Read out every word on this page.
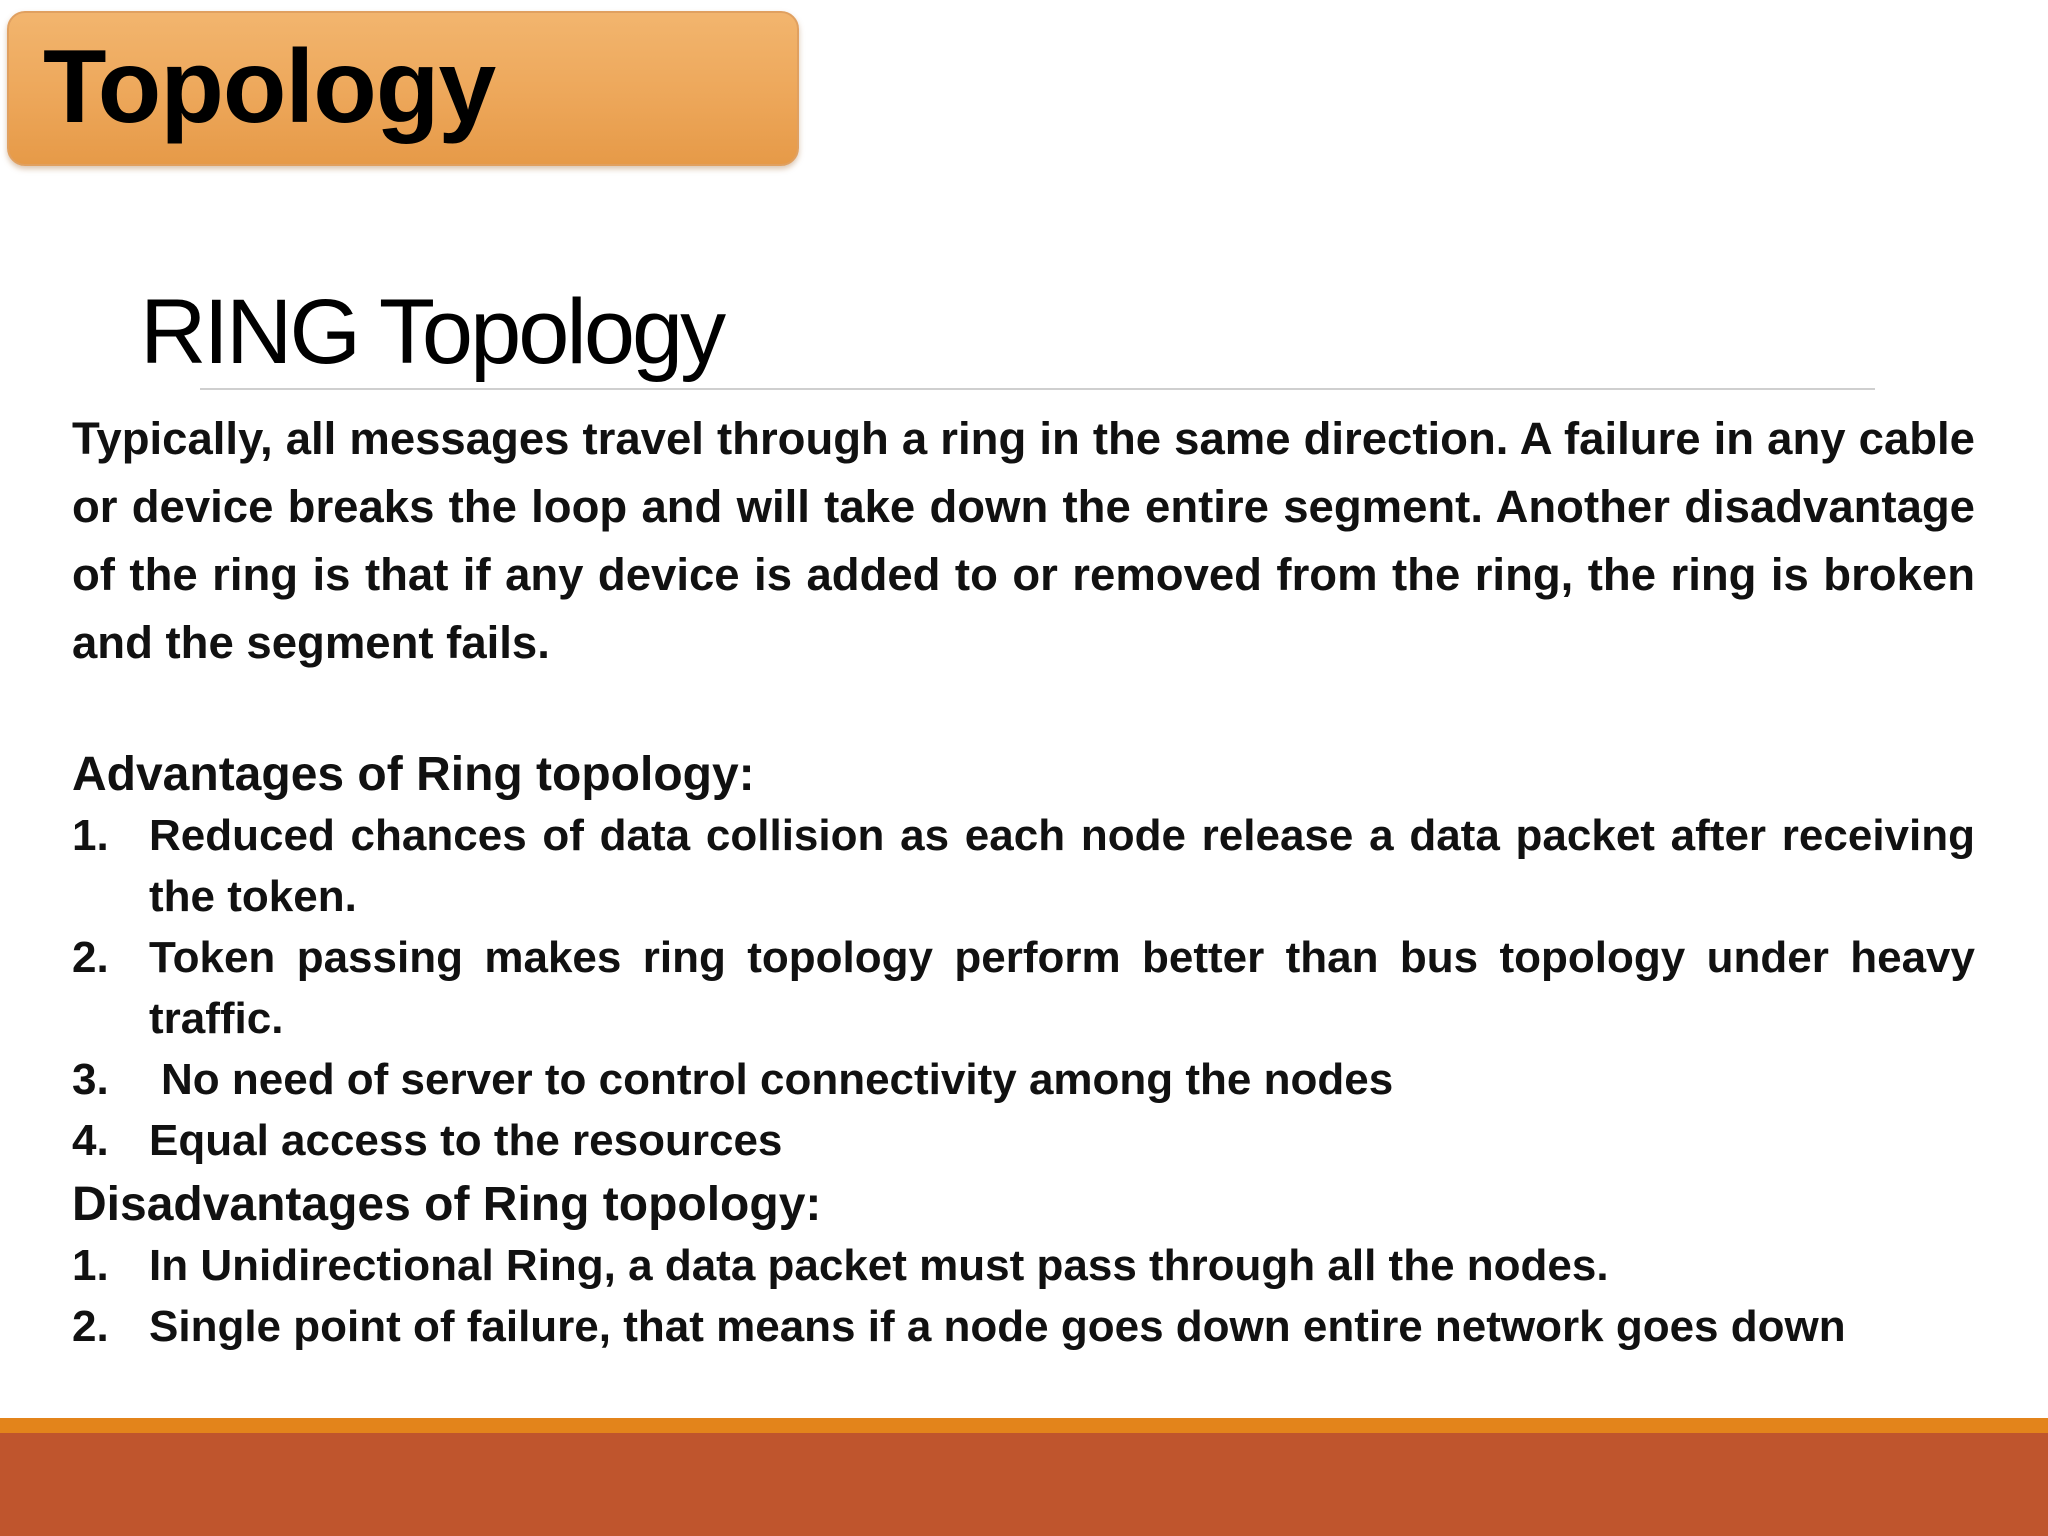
Topology
RING Topology

Typically, all messages travel through a ring in the same direction. A failure in any cable or device breaks the loop and will take down the entire segment. Another disadvantage of the ring is that if any device is added to or removed from the ring, the ring is broken and the segment fails.

Advantages of Ring topology:
1. Reduced chances of data collision as each node release a data packet after receiving the token.
2. Token passing makes ring topology perform better than bus topology under heavy traffic.
3. No need of server to control connectivity among the nodes
4. Equal access to the resources
Disadvantages of Ring topology:
1. In Unidirectional Ring, a data packet must pass through all the nodes.
2. Single point of failure, that means if a node goes down entire network goes down
